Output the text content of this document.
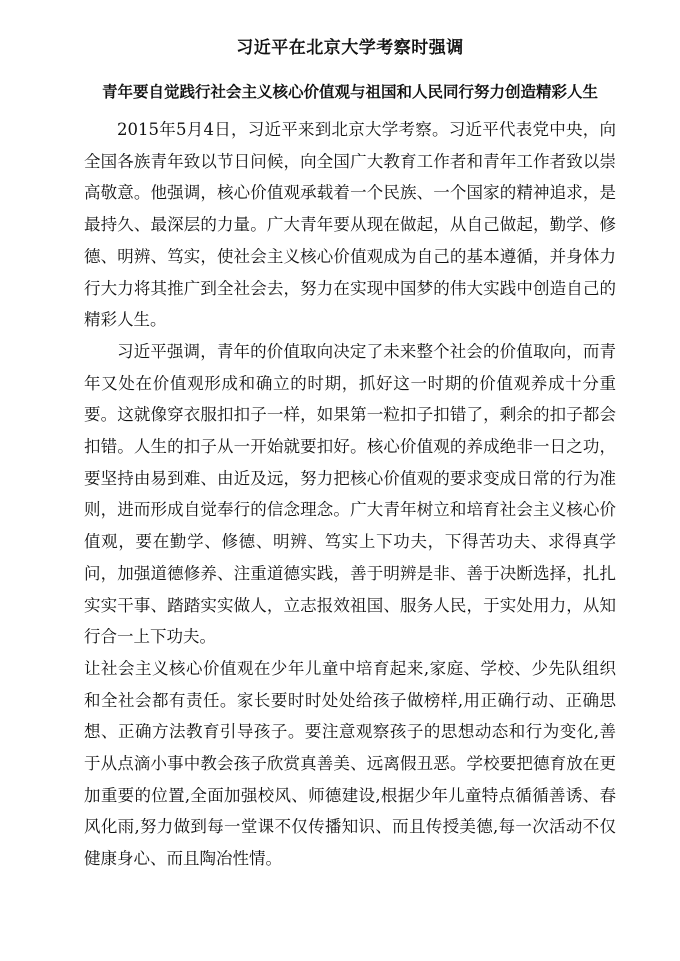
习近平在北京大学考察时强调
青年要自觉践行社会主义核心价值观与祖国和人民同行努力创造精彩人生

2015年5月4日，习近平来到北京大学考察。习近平代表党中央，向全国各族青年致以节日问候，向全国广大教育工作者和青年工作者致以崇高敬意。他强调，核心价值观承载着一个民族、一个国家的精神追求，是最持久、最深层的力量。广大青年要从现在做起，从自己做起，勤学、修德、明辨、笃实，使社会主义核心价值观成为自己的基本遵循，并身体力行大力将其推广到全社会去，努力在实现中国梦的伟大实践中创造自己的精彩人生。

习近平强调，青年的价值取向决定了未来整个社会的价值取向，而青年又处在价值观形成和确立的时期，抓好这一时期的价值观养成十分重要。这就像穿衣服扣扣子一样，如果第一粒扣子扣错了，剩余的扣子都会扣错。人生的扣子从一开始就要扣好。核心价值观的养成绝非一日之功，要坚持由易到难、由近及远，努力把核心价值观的要求变成日常的行为准则，进而形成自觉奉行的信念理念。广大青年树立和培育社会主义核心价值观，要在勤学、修德、明辨、笃实上下功夫，下得苦功夫、求得真学问，加强道德修养、注重道德实践，善于明辨是非、善于决断选择，扎扎实实干事、踏踏实实做人，立志报效祖国、服务人民，于实处用力，从知行合一上下功夫。

让社会主义核心价值观在少年儿童中培育起来,家庭、学校、少先队组织和全社会都有责任。家长要时时处处给孩子做榜样,用正确行动、正确思想、正确方法教育引导孩子。要注意观察孩子的思想动态和行为变化,善于从点滴小事中教会孩子欣赏真善美、远离假丑恶。学校要把德育放在更加重要的位置,全面加强校风、师德建设,根据少年儿童特点循循善诱、春风化雨,努力做到每一堂课不仅传播知识、而且传授美德,每一次活动不仅健康身心、而且陶冶性情。
